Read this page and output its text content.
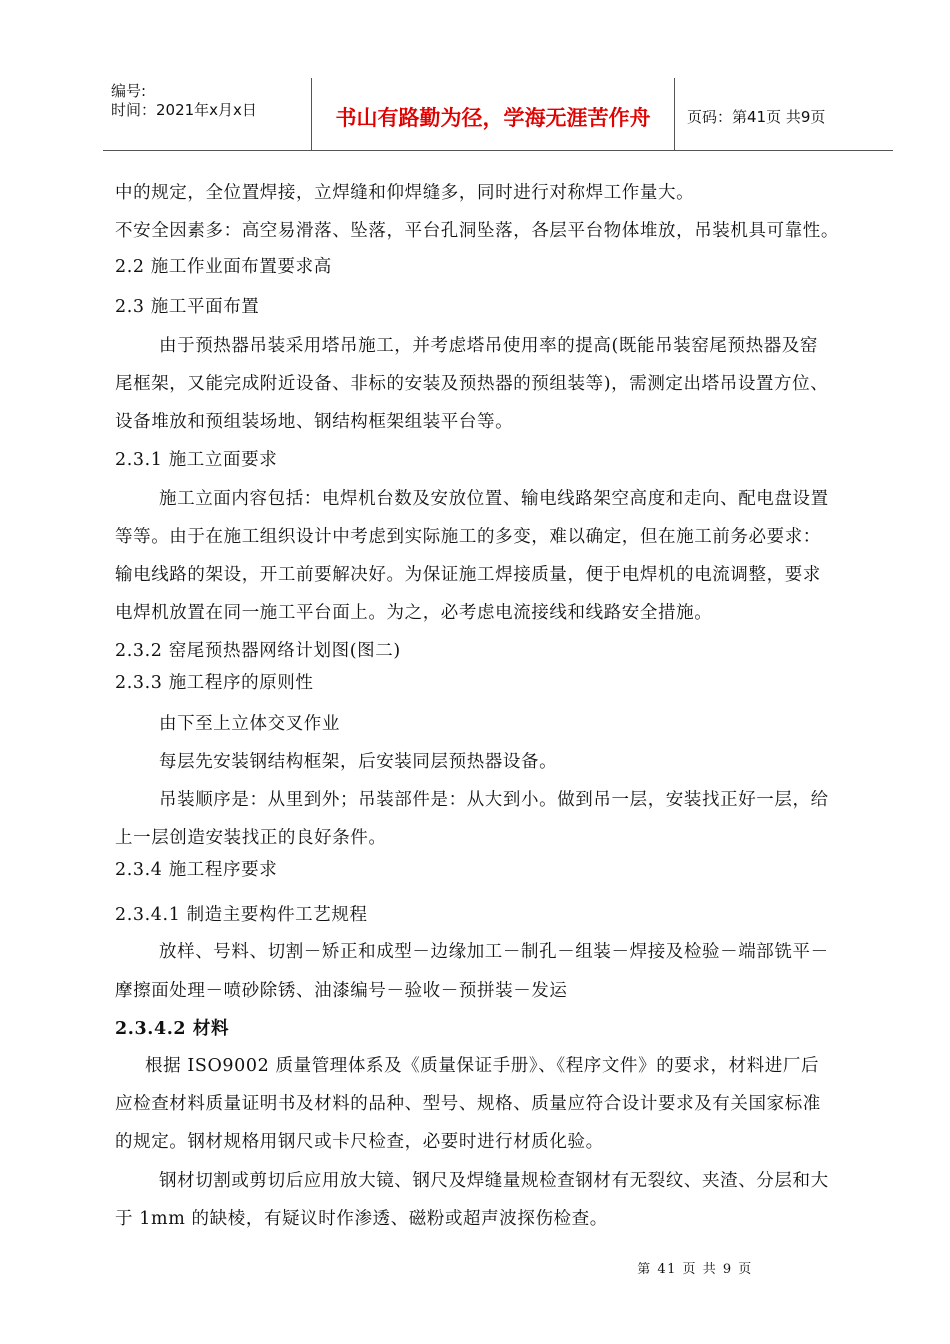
编号:
时间：2021年x月x日	书山有路勤为径，学海无涯苦作舟	页码：第41页 共9页
中的规定，全位置焊接，立焊缝和仰焊缝多，同时进行对称焊工作量大。
不安全因素多：高空易滑落、坠落，平台孔洞坠落，各层平台物体堆放，吊装机具可靠性。
2.2 施工作业面布置要求高
2.3 施工平面布置
由于预热器吊装采用塔吊施工，并考虑塔吊使用率的提高(既能吊装窑尾预热器及窑
尾框架，又能完成附近设备、非标的安装及预热器的预组装等)，需测定出塔吊设置方位、
设备堆放和预组装场地、钢结构框架组装平台等。
2.3.1 施工立面要求
施工立面内容包括：电焊机台数及安放位置、输电线路架空高度和走向、配电盘设置
等等。由于在施工组织设计中考虑到实际施工的多变，难以确定，但在施工前务必要求：
输电线路的架设，开工前要解决好。为保证施工焊接质量，便于电焊机的电流调整，要求
电焊机放置在同一施工平台面上。为之，必考虑电流接线和线路安全措施。
2.3.2 窑尾预热器网络计划图(图二)
2.3.3 施工程序的原则性
由下至上立体交叉作业
每层先安装钢结构框架，后安装同层预热器设备。
吊装顺序是：从里到外；吊装部件是：从大到小。做到吊一层，安装找正好一层，给
上一层创造安装找正的良好条件。
2.3.4 施工程序要求
2.3.4.1 制造主要构件工艺规程
放样、号料、切割－矫正和成型－边缘加工－制孔－组装－焊接及检验－端部铣平－
摩擦面处理－喷砂除锈、油漆编号－验收－预拼装－发运
2.3.4.2 材料
根据 ISO9002 质量管理体系及《质量保证手册》、《程序文件》的要求，材料进厂后
应检查材料质量证明书及材料的品种、型号、规格、质量应符合设计要求及有关国家标准
的规定。钢材规格用钢尺或卡尺检查，必要时进行材质化验。
钢材切割或剪切后应用放大镜、钢尺及焊缝量规检查钢材有无裂纹、夹渣、分层和大
于 1mm 的缺棱，有疑议时作渗透、磁粉或超声波探伤检查。
第 41 页 共 9 页
